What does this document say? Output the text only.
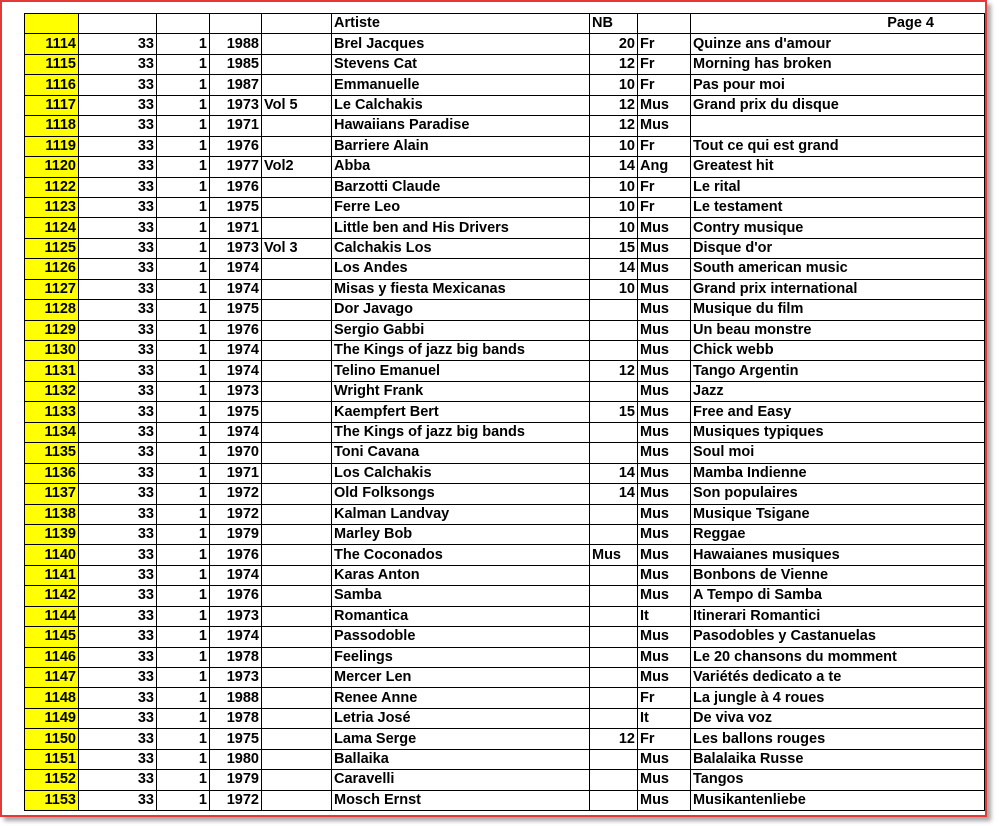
					Artiste	NB		Page 4
1114	33	1	1988		Brel Jacques	20	Fr	Quinze ans d'amour
1115	33	1	1985		Stevens Cat	12	Fr	Morning has broken
1116	33	1	1987		Emmanuelle	10	Fr	Pas pour moi
1117	33	1	1973	Vol 5	Le Calchakis	12	Mus	Grand prix du disque
1118	33	1	1971		Hawaiians Paradise	12	Mus	
1119	33	1	1976		Barriere Alain	10	Fr	Tout ce qui est grand
1120	33	1	1977	Vol2	Abba	14	Ang	Greatest hit
1122	33	1	1976		Barzotti Claude	10	Fr	Le rital
1123	33	1	1975		Ferre Leo	10	Fr	Le testament
1124	33	1	1971		Little ben and His Drivers	10	Mus	Contry musique
1125	33	1	1973	Vol 3	Calchakis Los	15	Mus	Disque d'or
1126	33	1	1974		Los Andes	14	Mus	South american music
1127	33	1	1974		Misas y fiesta Mexicanas	10	Mus	Grand prix international
1128	33	1	1975		Dor Javago		Mus	Musique du film
1129	33	1	1976		Sergio Gabbi		Mus	Un beau monstre
1130	33	1	1974		The Kings of jazz big bands		Mus	Chick webb
1131	33	1	1974		Telino Emanuel	12	Mus	Tango Argentin
1132	33	1	1973		Wright Frank		Mus	Jazz
1133	33	1	1975		Kaempfert Bert	15	Mus	Free and Easy
1134	33	1	1974		The Kings of jazz big bands		Mus	Musiques typiques
1135	33	1	1970		Toni Cavana		Mus	Soul moi
1136	33	1	1971		Los Calchakis	14	Mus	Mamba Indienne
1137	33	1	1972		Old Folksongs	14	Mus	Son populaires
1138	33	1	1972		Kalman Landvay		Mus	Musique Tsigane
1139	33	1	1979		Marley Bob		Mus	Reggae
1140	33	1	1976		The Coconados	Mus	Mus	Hawaianes musiques
1141	33	1	1974		Karas Anton		Mus	Bonbons de Vienne
1142	33	1	1976		Samba		Mus	A Tempo di Samba
1144	33	1	1973		Romantica		It	Itinerari Romantici
1145	33	1	1974		Passodoble		Mus	Pasodobles y Castanuelas
1146	33	1	1978		Feelings		Mus	Le 20 chansons du momment
1147	33	1	1973		Mercer Len		Mus	Variétés dedicato a te
1148	33	1	1988		Renee Anne		Fr	La jungle à 4 roues
1149	33	1	1978		Letria José		It	De viva voz
1150	33	1	1975		Lama Serge	12	Fr	Les ballons rouges
1151	33	1	1980		Ballaika		Mus	Balalaika Russe
1152	33	1	1979		Caravelli		Mus	Tangos
1153	33	1	1972		Mosch Ernst		Mus	Musikantenliebe
